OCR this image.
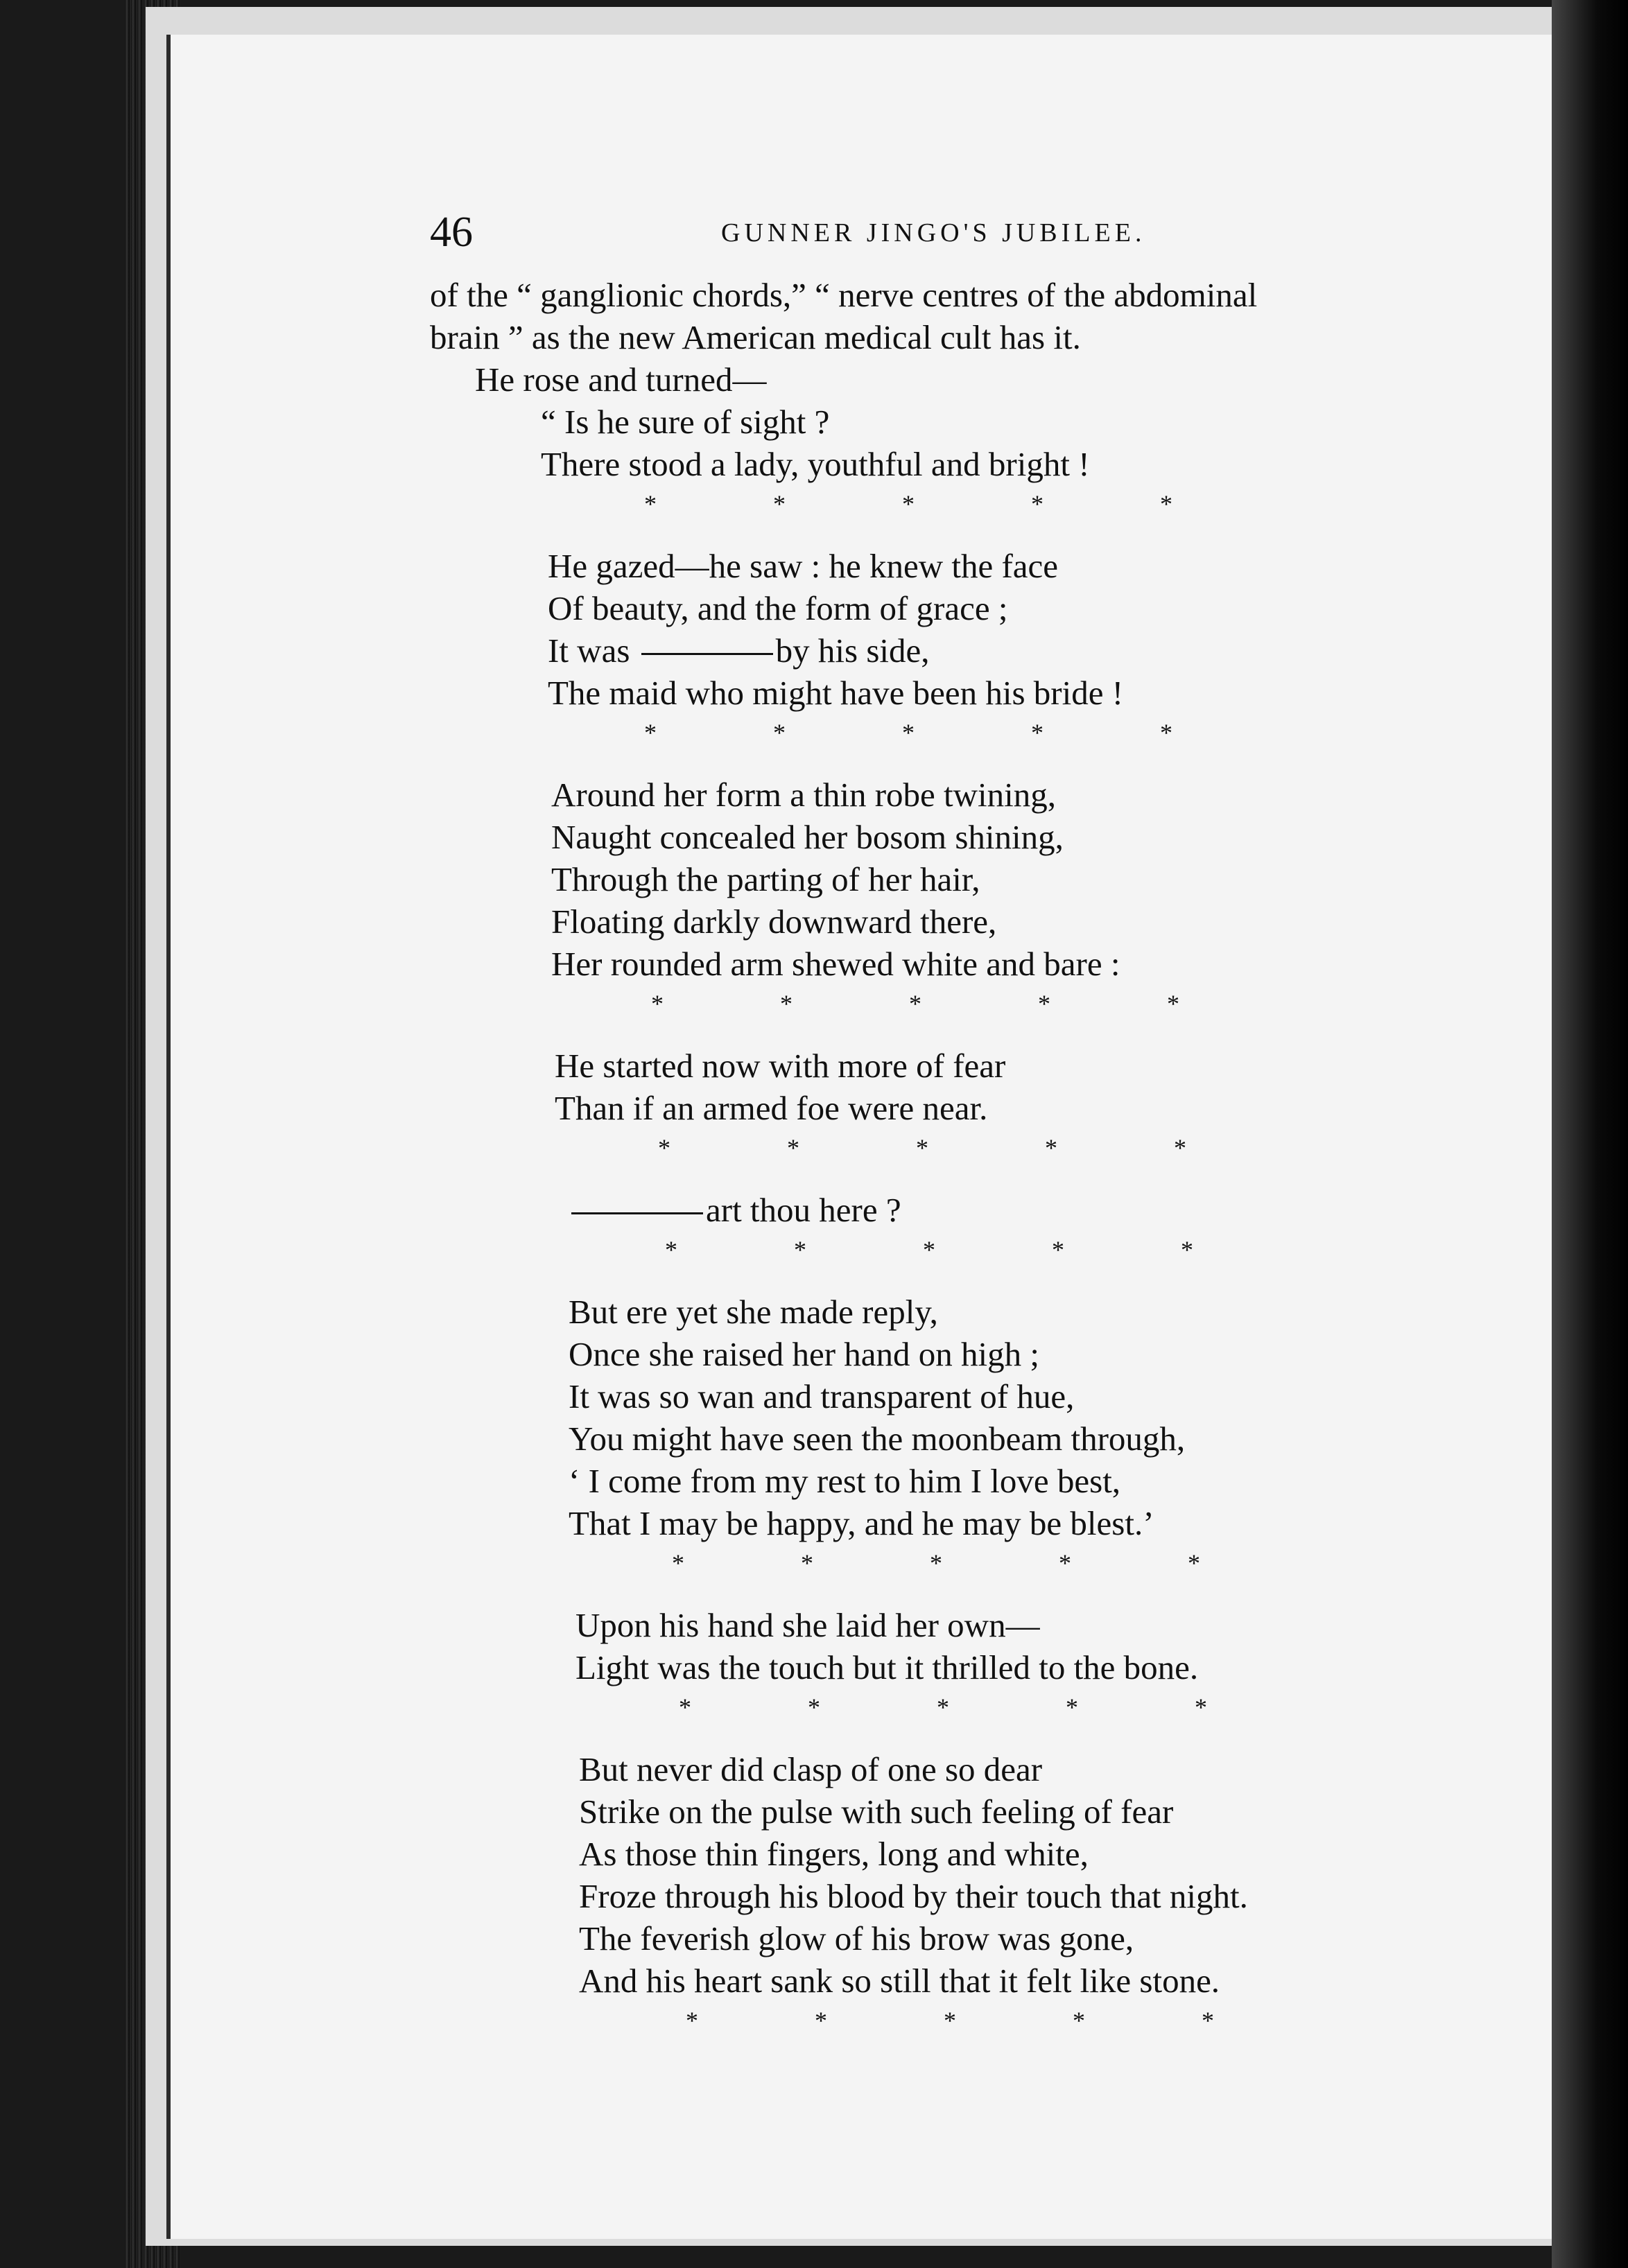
46	GUNNER JINGO'S JUBILEE.

of the “ ganglionic chords,” “ nerve centres of the abdominal
brain ” as the new American medical cult has it.

He rose and turned—

“ Is he sure of sight ?
There stood a lady, youthful and bright !
*	*	*	*	*
He gazed—he saw : he knew the face
Of beauty, and the form of grace ;
It was	by his side,
The maid who might have been his bride !
*	*	*	*	*
Around her form a thin robe twining,
Naught concealed her bosom shining,
Through the parting of her hair,
Floating darkly downward there,
Her rounded arm shewed white and bare :
*	*	*	*	*
He started now with more of fear
Than if an armed foe were near.
*	*	*	*	*
art thou here ?
*	*	*	*	*
But ere yet she made reply,
Once she raised her hand on high ;
It was so wan and transparent of hue,
You might have seen the moonbeam through,
‘ I come from my rest to him I love best,
That I may be happy, and he may be blest.’
*	*	*	*	*
Upon his hand she laid her own—
Light was the touch but it thrilled to the bone.
*	*	*	*	*
But never did clasp of one so dear
Strike on the pulse with such feeling of fear
As those thin fingers, long and white,
Froze through his blood by their touch that night.
The feverish glow of his brow was gone,
And his heart sank so still that it felt like stone.
*	*	*	*	*
